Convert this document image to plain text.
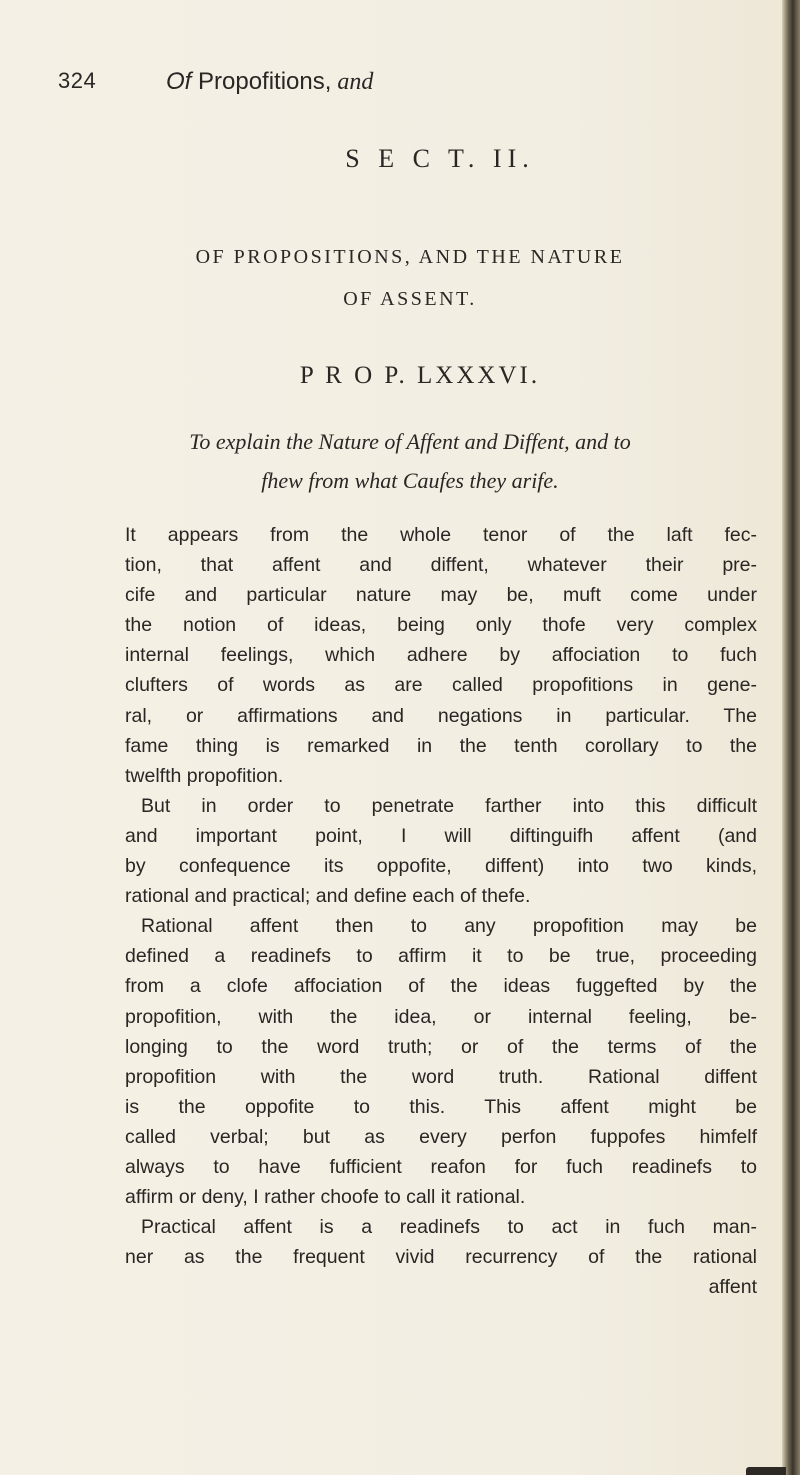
324	Of Propofitions, and
S E C T. II.
OF PROPOSITIONS, AND THE NATURE
OF ASSENT.
P R O P. LXXXVI.
To explain the Nature of Affent and Diffent, and to
fhew from what Caufes they arife.
It appears from the whole tenor of the laft fec-
tion, that affent and diffent, whatever their pre-
cife and particular nature may be, muft come under
the notion of ideas, being only thofe very complex
internal feelings, which adhere by affociation to fuch
clufters of words as are called propofitions in gene-
ral, or affirmations and negations in particular. The
fame thing is remarked in the tenth corollary to the
twelfth propofition.
But in order to penetrate farther into this difficult
and important point, I will diftinguifh affent (and
by confequence its oppofite, diffent) into two kinds,
rational and practical; and define each of thefe.
Rational affent then to any propofition may be
defined a readinefs to affirm it to be true, proceeding
from a clofe affociation of the ideas fuggefted by the
propofition, with the idea, or internal feeling, be-
longing to the word truth; or of the terms of the
propofition with the word truth. Rational diffent
is the oppofite to this. This affent might be
called verbal; but as every perfon fuppofes himfelf
always to have fufficient reafon for fuch readinefs to
affirm or deny, I rather choofe to call it rational.
Practical affent is a readinefs to act in fuch man-
ner as the frequent vivid recurrency of the rational
affent
